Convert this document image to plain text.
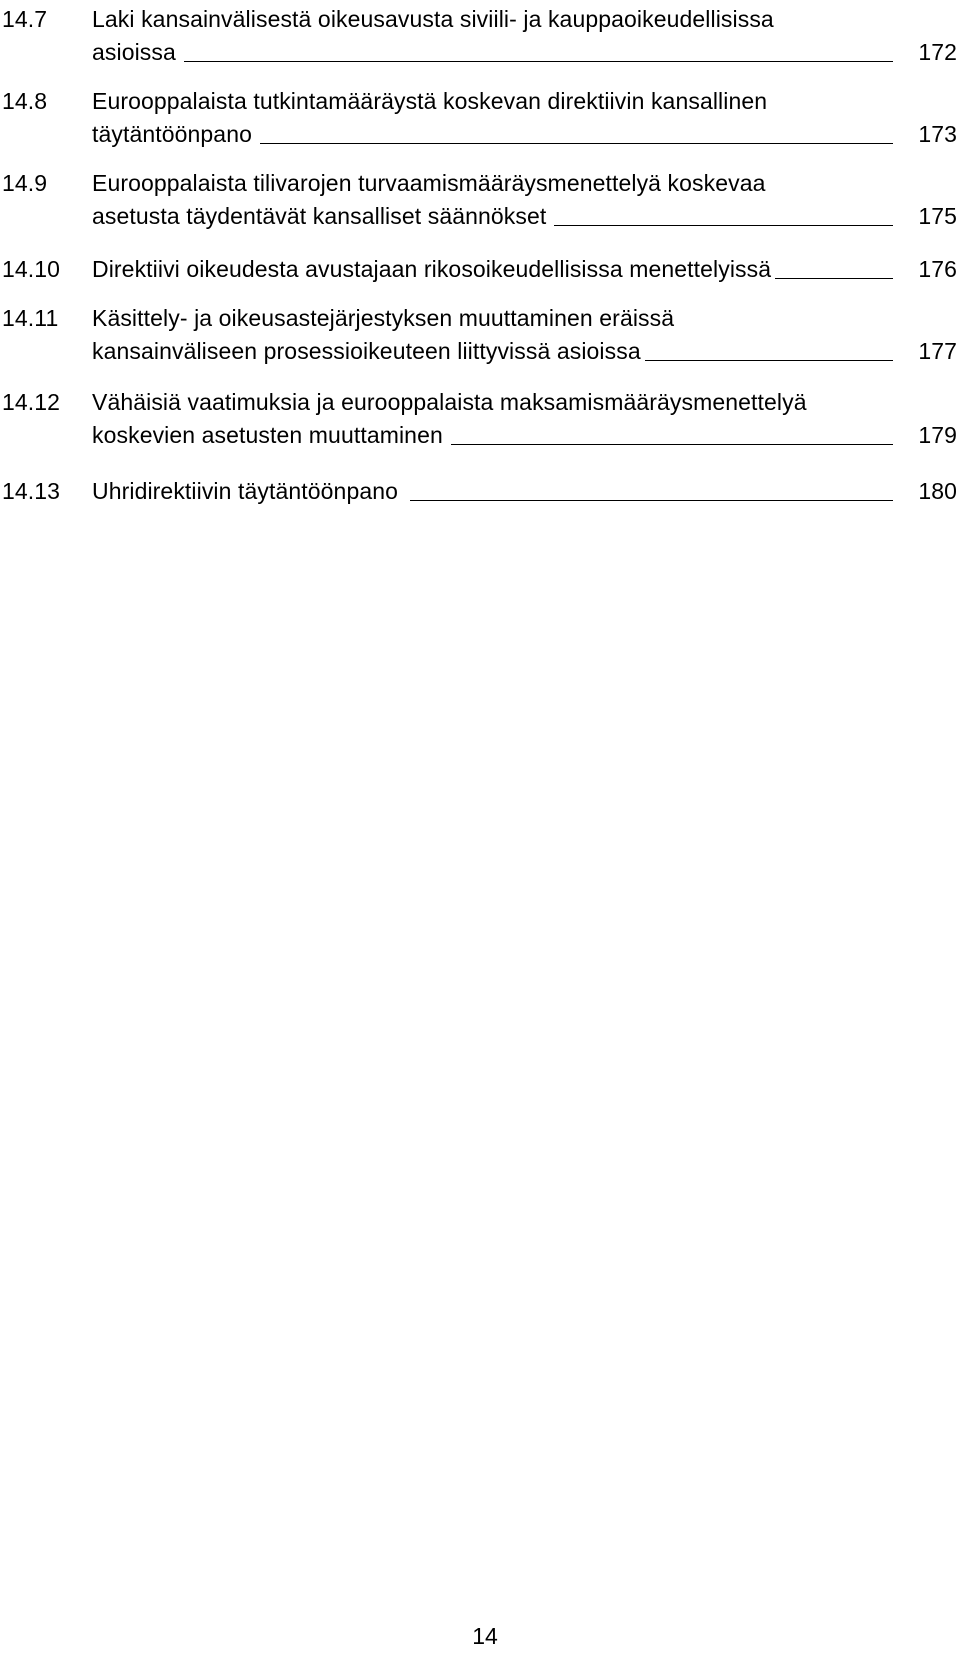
14.7 Laki kansainvälisestä oikeusavusta siviili- ja kauppaoikeudellisissa
asioissa	172
14.8 Eurooppalaista tutkintamääräystä koskevan direktiivin kansallinen
täytäntöönpano	173
14.9 Eurooppalaista tilivarojen turvaamismääräysmenettelyä koskevaa
asetusta täydentävät kansalliset säännökset	175
14.10 Direktiivi oikeudesta avustajaan rikosoikeudellisissa menettelyissä	176
14.11 Käsittely- ja oikeusastejärjestyksen muuttaminen eräissä
kansainväliseen prosessioikeuteen liittyvissä asioissa	177
14.12 Vähäisiä vaatimuksia ja eurooppalaista maksamismääräysmenettelyä
koskevien asetusten muuttaminen	179
14.13 Uhridirektiivin täytäntöönpano	180
14
